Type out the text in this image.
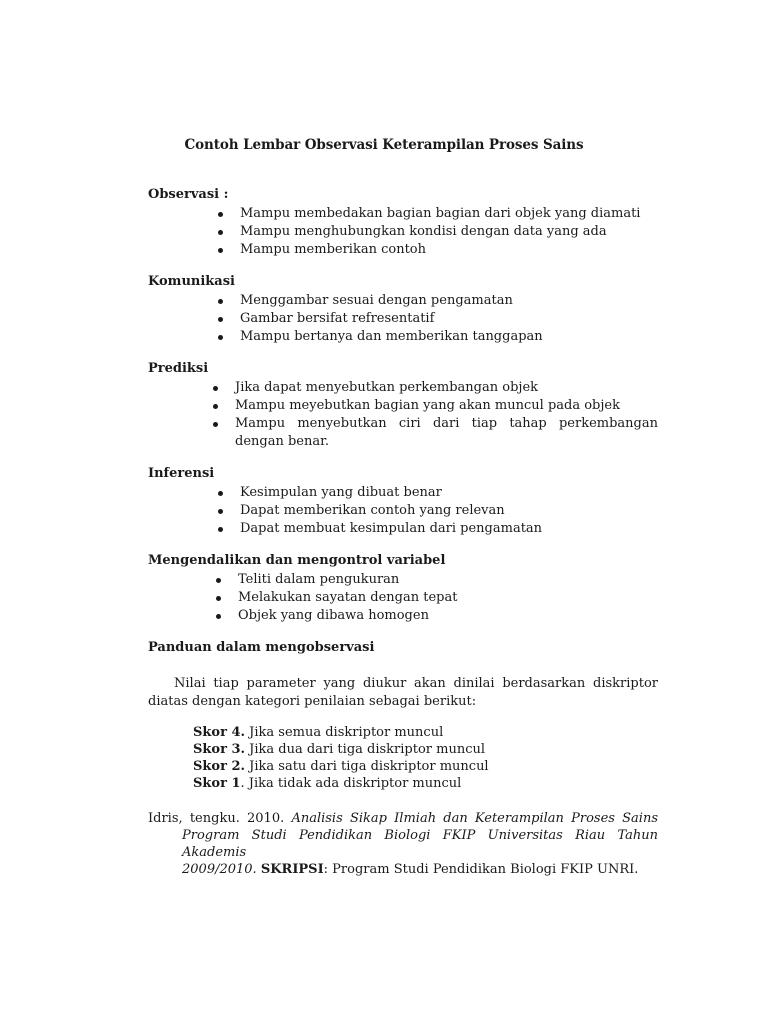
Contoh Lembar Observasi Keterampilan Proses Sains
Observasi :
Mampu membedakan bagian bagian dari objek yang diamati
Mampu menghubungkan kondisi dengan data yang ada
Mampu memberikan contoh
Komunikasi
Menggambar sesuai dengan pengamatan
Gambar bersifat refresentatif
Mampu bertanya dan memberikan tanggapan
Prediksi
Jika dapat menyebutkan perkembangan objek
Mampu meyebutkan bagian yang akan muncul pada objek
Mampu menyebutkan ciri dari tiap tahap perkembangan dengan benar.
Inferensi
Kesimpulan yang dibuat benar
Dapat memberikan contoh yang relevan
Dapat membuat kesimpulan dari pengamatan
Mengendalikan dan mengontrol variabel
Teliti dalam pengukuran
Melakukan sayatan dengan tepat
Objek yang dibawa homogen
Panduan dalam mengobservasi
Nilai tiap parameter yang diukur akan dinilai berdasarkan diskriptor diatas dengan kategori penilaian sebagai berikut:
Skor 4. Jika semua diskriptor muncul
Skor 3. Jika dua dari tiga diskriptor muncul
Skor 2. Jika satu dari tiga diskriptor muncul
Skor 1. Jika tidak ada diskriptor muncul
Idris, tengku. 2010. Analisis Sikap Ilmiah dan Keterampilan Proses Sains
Program Studi Pendidikan Biologi FKIP Universitas Riau Tahun Akademis
2009/2010. SKRIPSI: Program Studi Pendidikan Biologi FKIP UNRI.
